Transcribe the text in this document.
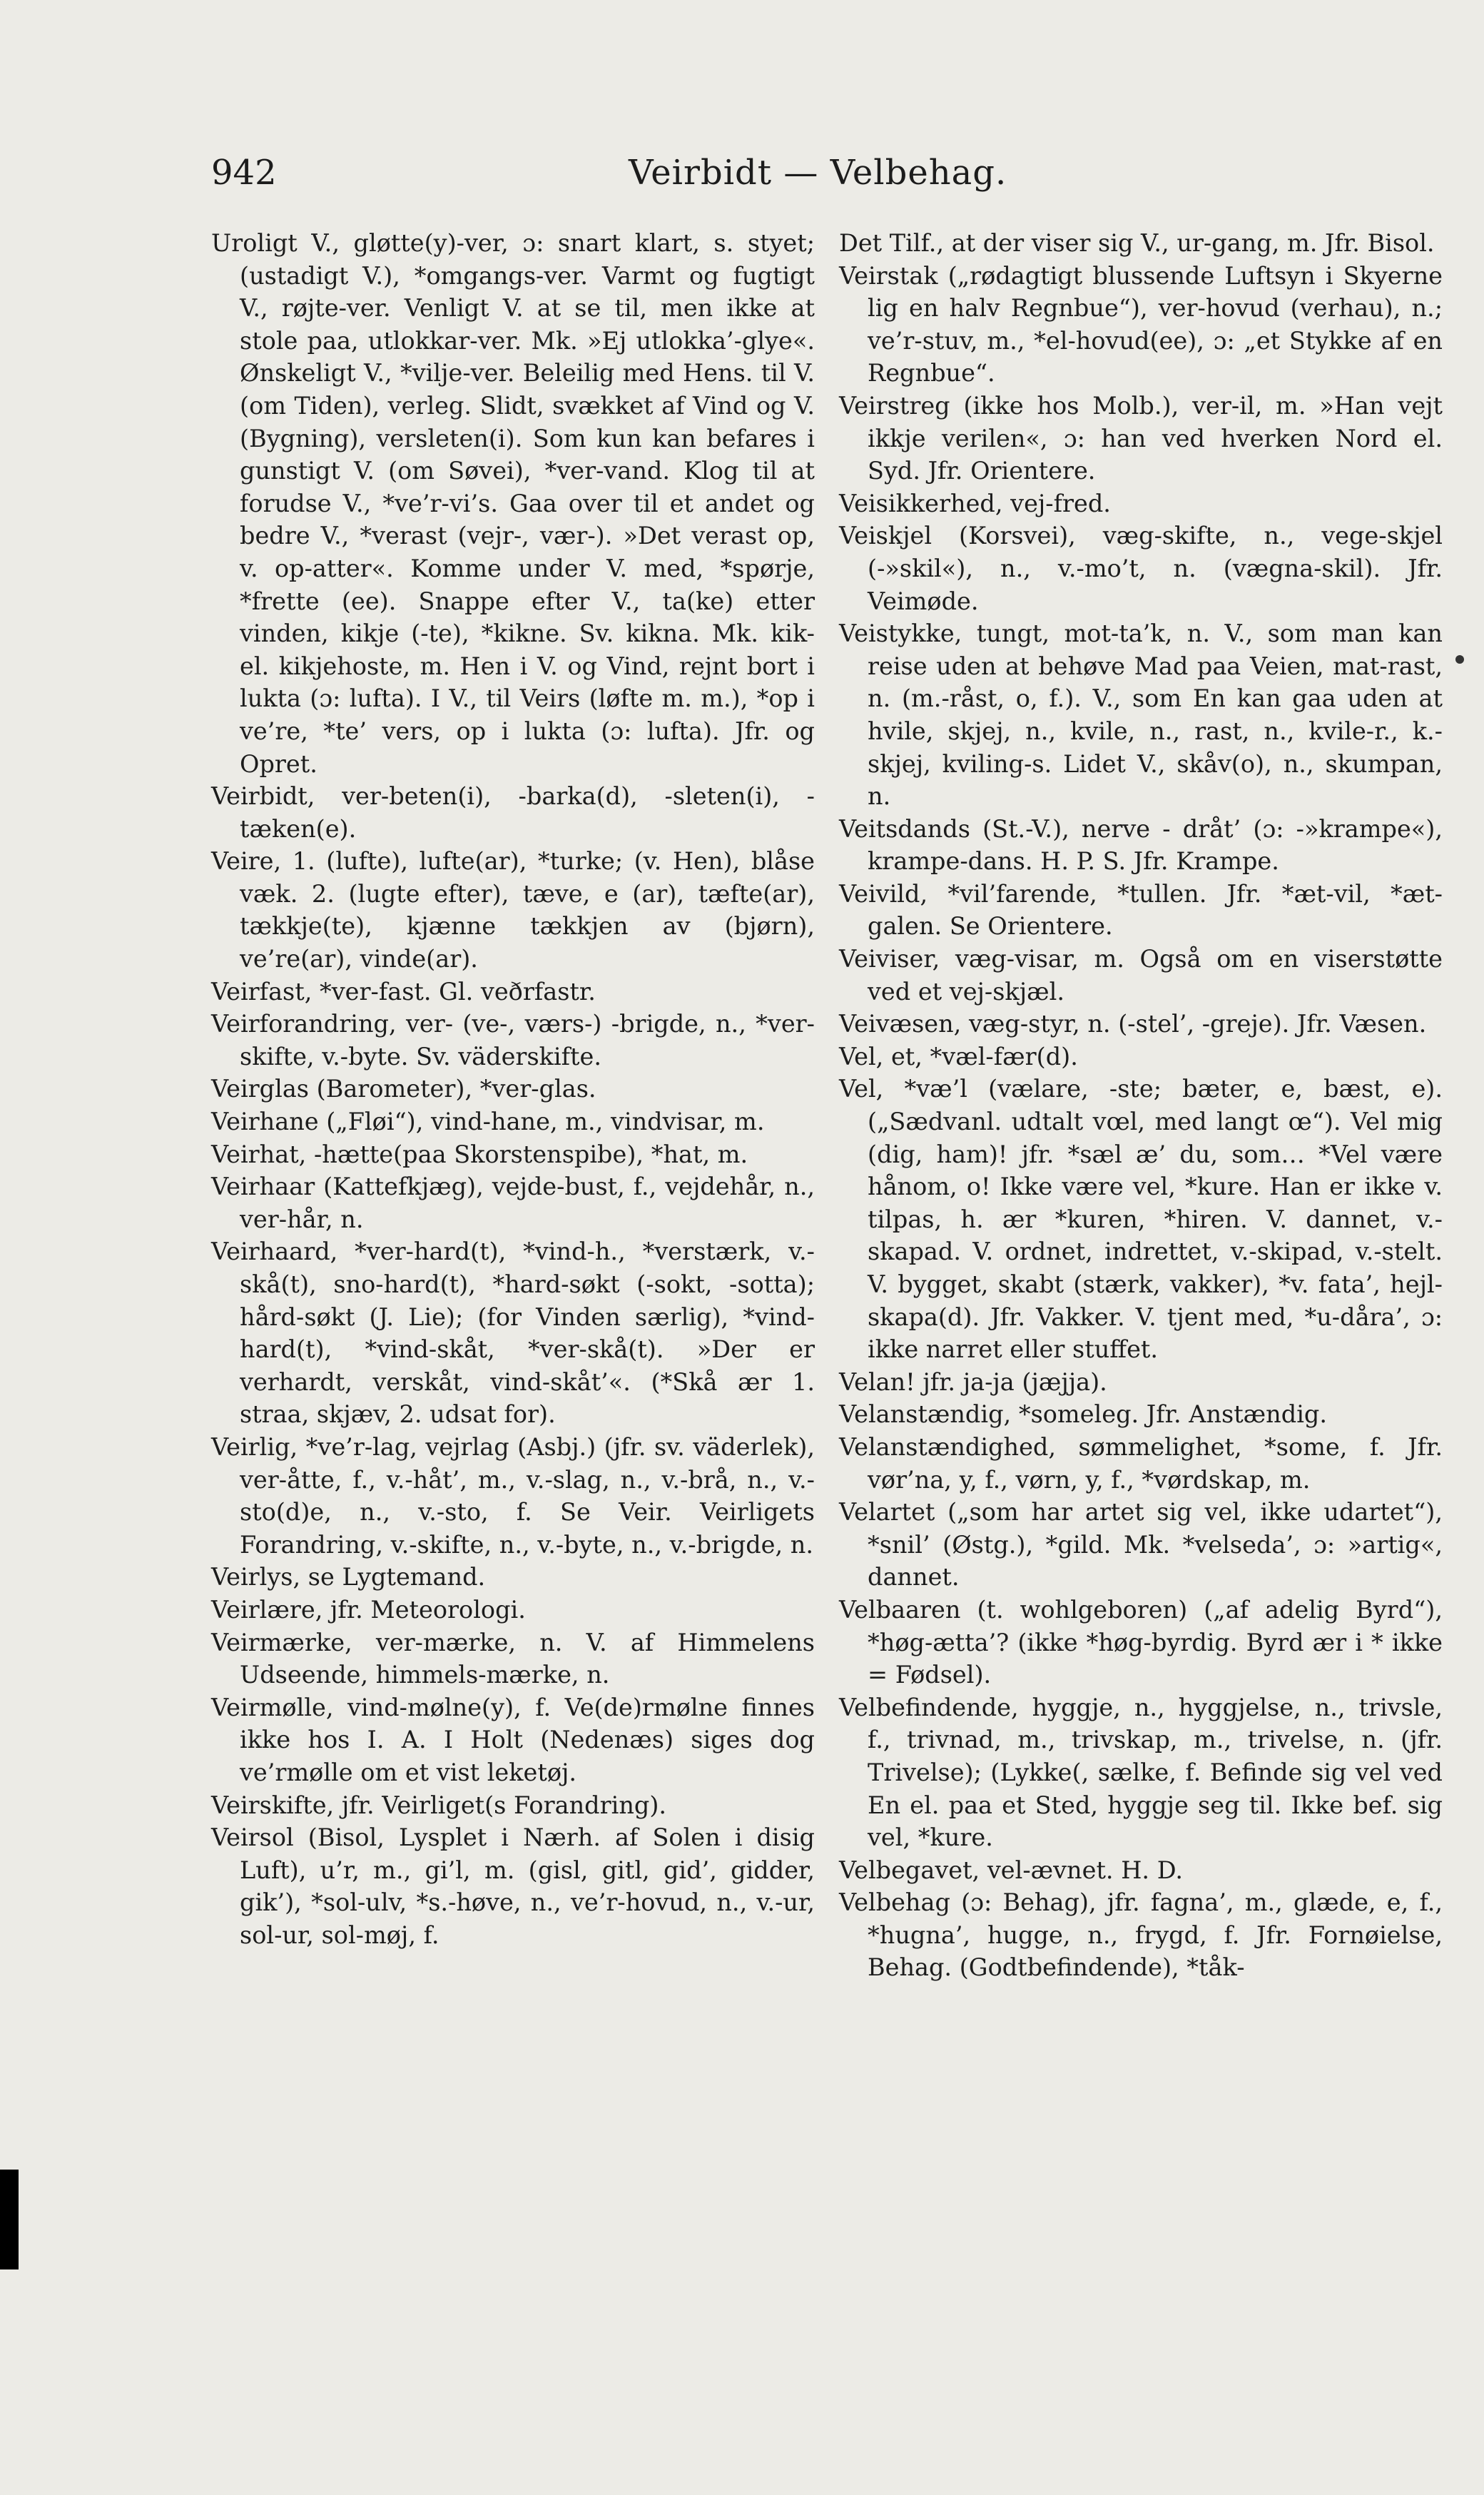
942	Veirbidt — Velbehag.

Uroligt V., gløtte(y)-ver, ɔ: snart klart, s. styet; (ustadigt V.), *omgangs-ver. Varmt og fugtigt V., røjte-ver. Venligt V. at se til, men ikke at stole paa, utlokkar-ver. Mk. »Ej utlokka’-glye«. Ønskeligt V., *vilje-ver. Beleilig med Hens. til V. (om Tiden), verleg. Slidt, svækket af Vind og V. (Bygning), versleten(i). Som kun kan befares i gunstigt V. (om Søvei), *ver-vand. Klog til at forudse V., *ve’r-vi’s. Gaa over til et andet og bedre V., *verast (vejr-, vær-). »Det verast op, v. op-atter«. Komme under V. med, *spørje, *frette (ee). Snappe efter V., ta(ke) etter vinden, kikje (-te), *kikne. Sv. kikna. Mk. kik- el. kikjehoste, m. Hen i V. og Vind, rejnt bort i lukta (ɔ: lufta). I V., til Veirs (løfte m. m.), *op i ve’re, *te’ vers, op i lukta (ɔ: lufta). Jfr. og Opret.

Veirbidt, ver-beten(i), -barka(d), -sleten(i), -tæken(e).

Veire, 1. (lufte), lufte(ar), *turke; (v. Hen), blåse væk. 2. (lugte efter), tæve, e (ar), tæfte(ar), tækkje(te), kjænne tækkjen av (bjørn), ve’re(ar), vinde(ar).

Veirfast, *ver-fast. Gl. veðrfastr.

Veirforandring, ver- (ve-, værs-) -brigde, n., *ver-skifte, v.-byte. Sv. väderskifte.

Veirglas (Barometer), *ver-glas.

Veirhane („Fløi“), vind-hane, m., vindvisar, m.

Veirhat, -hætte(paa Skorstenspibe), *hat, m.

Veirhaar (Kattefkjæg), vejde-bust, f., vejdehår, n., ver-hår, n.

Veirhaard, *ver-hard(t), *vind-h., *verstærk, v.-skå(t), sno-hard(t), *hard-søkt (-sokt, -sotta); hård-søkt (J. Lie); (for Vinden særlig), *vind-hard(t), *vind-skåt, *ver-skå(t). »Der er verhardt, verskåt, vind-skåt’«. (*Skå ær 1. straa, skjæv, 2. udsat for).

Veirlig, *ve’r-lag, vejrlag (Asbj.) (jfr. sv. väderlek), ver-åtte, f., v.-håt’, m., v.-slag, n., v.-brå, n., v.-sto(d)e, n., v.-sto, f. Se Veir. Veirligets Forandring, v.-skifte, n., v.-byte, n., v.-brigde, n.

Veirlys, se Lygtemand.

Veirlære, jfr. Meteorologi.

Veirmærke, ver-mærke, n. V. af Himmelens Udseende, himmels-mærke, n.

Veirmølle, vind-mølne(y), f. Ve(de)rmølne finnes ikke hos I. A. I Holt (Nedenæs) siges dog ve’rmølle om et vist leketøj.

Veirskifte, jfr. Veirliget(s Forandring).

Veirsol (Bisol, Lysplet i Nærh. af Solen i disig Luft), u’r, m., gi’l, m. (gisl, gitl, gid’, gidder, gik’), *sol-ulv, *s.-høve, n., ve’r-hovud, n., v.-ur, sol-ur, sol-møj, f.

Det Tilf., at der viser sig V., ur-gang, m. Jfr. Bisol.

Veirstak („rødagtigt blussende Luftsyn i Skyerne lig en halv Regnbue“), ver-hovud (verhau), n.; ve’r-stuv, m., *el-hovud(ee), ɔ: „et Stykke af en Regnbue“.

Veirstreg (ikke hos Molb.), ver-il, m. »Han vejt ikkje verilen«, ɔ: han ved hverken Nord el. Syd. Jfr. Orientere.

Veisikkerhed, vej-fred.

Veiskjel (Korsvei), væg-skifte, n., vege-skjel (-»skil«), n., v.-mo’t, n. (vægna-skil). Jfr. Veimøde.

Veistykke, tungt, mot-ta’k, n. V., som man kan reise uden at behøve Mad paa Veien, mat-rast, n. (m.-råst, o, f.). V., som En kan gaa uden at hvile, skjej, n., kvile, n., rast, n., kvile-r., k.-skjej, kviling-s. Lidet V., skåv(o), n., skumpan, n.

Veitsdands (St.-V.), nerve - dråt’ (ɔ: -»krampe«), krampe-dans. H. P. S. Jfr. Krampe.

Veivild, *vil’farende, *tullen. Jfr. *æt-vil, *æt-galen. Se Orientere.

Veiviser, væg-visar, m. Også om en viserstøtte ved et vej-skjæl.

Veivæsen, væg-styr, n. (-stel’, -greje). Jfr. Væsen.

Vel, et, *væl-fær(d).

Vel, *væ’l (vælare, -ste; bæter, e, bæst, e). („Sædvanl. udtalt vœl, med langt œ“). Vel mig (dig, ham)! jfr. *sæl æ’ du, som… *Vel være hånom, o! Ikke være vel, *kure. Han er ikke v. tilpas, h. ær *kuren, *hiren. V. dannet, v.-skapad. V. ordnet, indrettet, v.-skipad, v.-stelt. V. bygget, skabt (stærk, vakker), *v. fata’, hejl-skapa(d). Jfr. Vakker. V. tjent med, *u-dåra’, ɔ: ikke narret eller stuffet.

Velan! jfr. ja-ja (jæjja).

Velanstændig, *someleg. Jfr. Anstændig.

Velanstændighed, sømmelighet, *some, f. Jfr. vør’na, y, f., vørn, y, f., *vørdskap, m.

Velartet („som har artet sig vel, ikke udartet“), *snil’ (Østg.), *gild. Mk. *velseda’, ɔ: »artig«, dannet.

Velbaaren (t. wohlgeboren) („af adelig Byrd“), *høg-ætta’? (ikke *høg-byrdig. Byrd ær i * ikke = Fødsel).

Velbefindende, hyggje, n., hyggjelse, n., trivsle, f., trivnad, m., trivskap, m., trivelse, n. (jfr. Trivelse); (Lykke(, sælke, f. Befinde sig vel ved En el. paa et Sted, hyggje seg til. Ikke bef. sig vel, *kure.

Velbegavet, vel-ævnet. H. D.

Velbehag (ɔ: Behag), jfr. fagna’, m., glæde, e, f., *hugna’, hugge, n., frygd, f. Jfr. Fornøielse, Behag. (Godtbefindende), *tåk-
